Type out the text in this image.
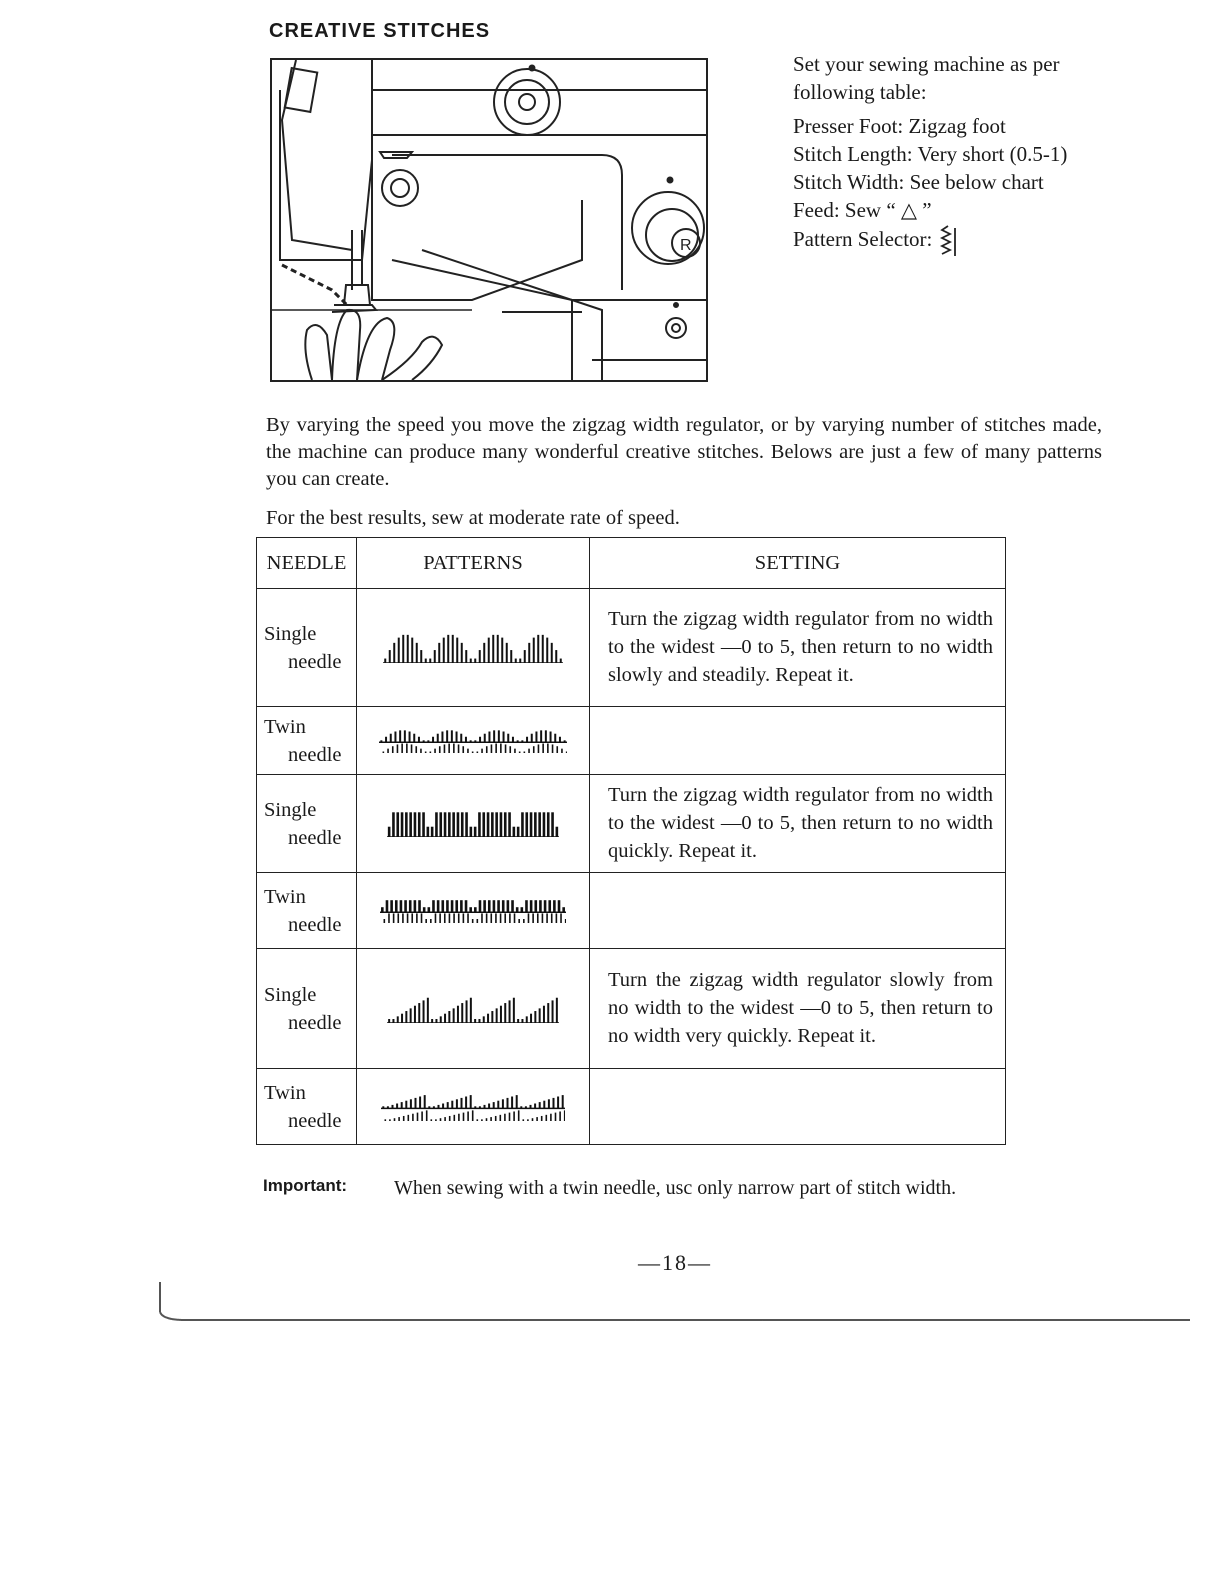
CREATIVE STITCHES
R

Set your sewing machine as per following table:

Presser Foot: Zigzag foot

Stitch Length: Very short (0.5-1)

Stitch Width: See below chart

Feed: Sew “ △ ”

Pattern Selector:

By varying the speed you move the zigzag width regulator, or by varying number of stitches made, the machine can produce many wonderful creative stitches. Belows are just a few of many patterns you can create.

For the best results, sew at moderate rate of speed.

NEEDLE	PATTERNS	SETTING
Single
needle		Turn the zigzag width regulator from no width to the widest —0 to 5, then return to no width slowly and steadily. Repeat it.
Twin
needle

Single
needle		Turn the zigzag width regulator from no width to the widest —0 to 5, then return to no width quickly. Repeat it.
Twin
needle

Single
needle		Turn the zigzag width regulator slowly from no width to the widest —0 to 5, then return to no width very quickly. Repeat it.
Twin
needle

Important: When sewing with a twin needle, usc only narrow part of stitch width.
—18—
